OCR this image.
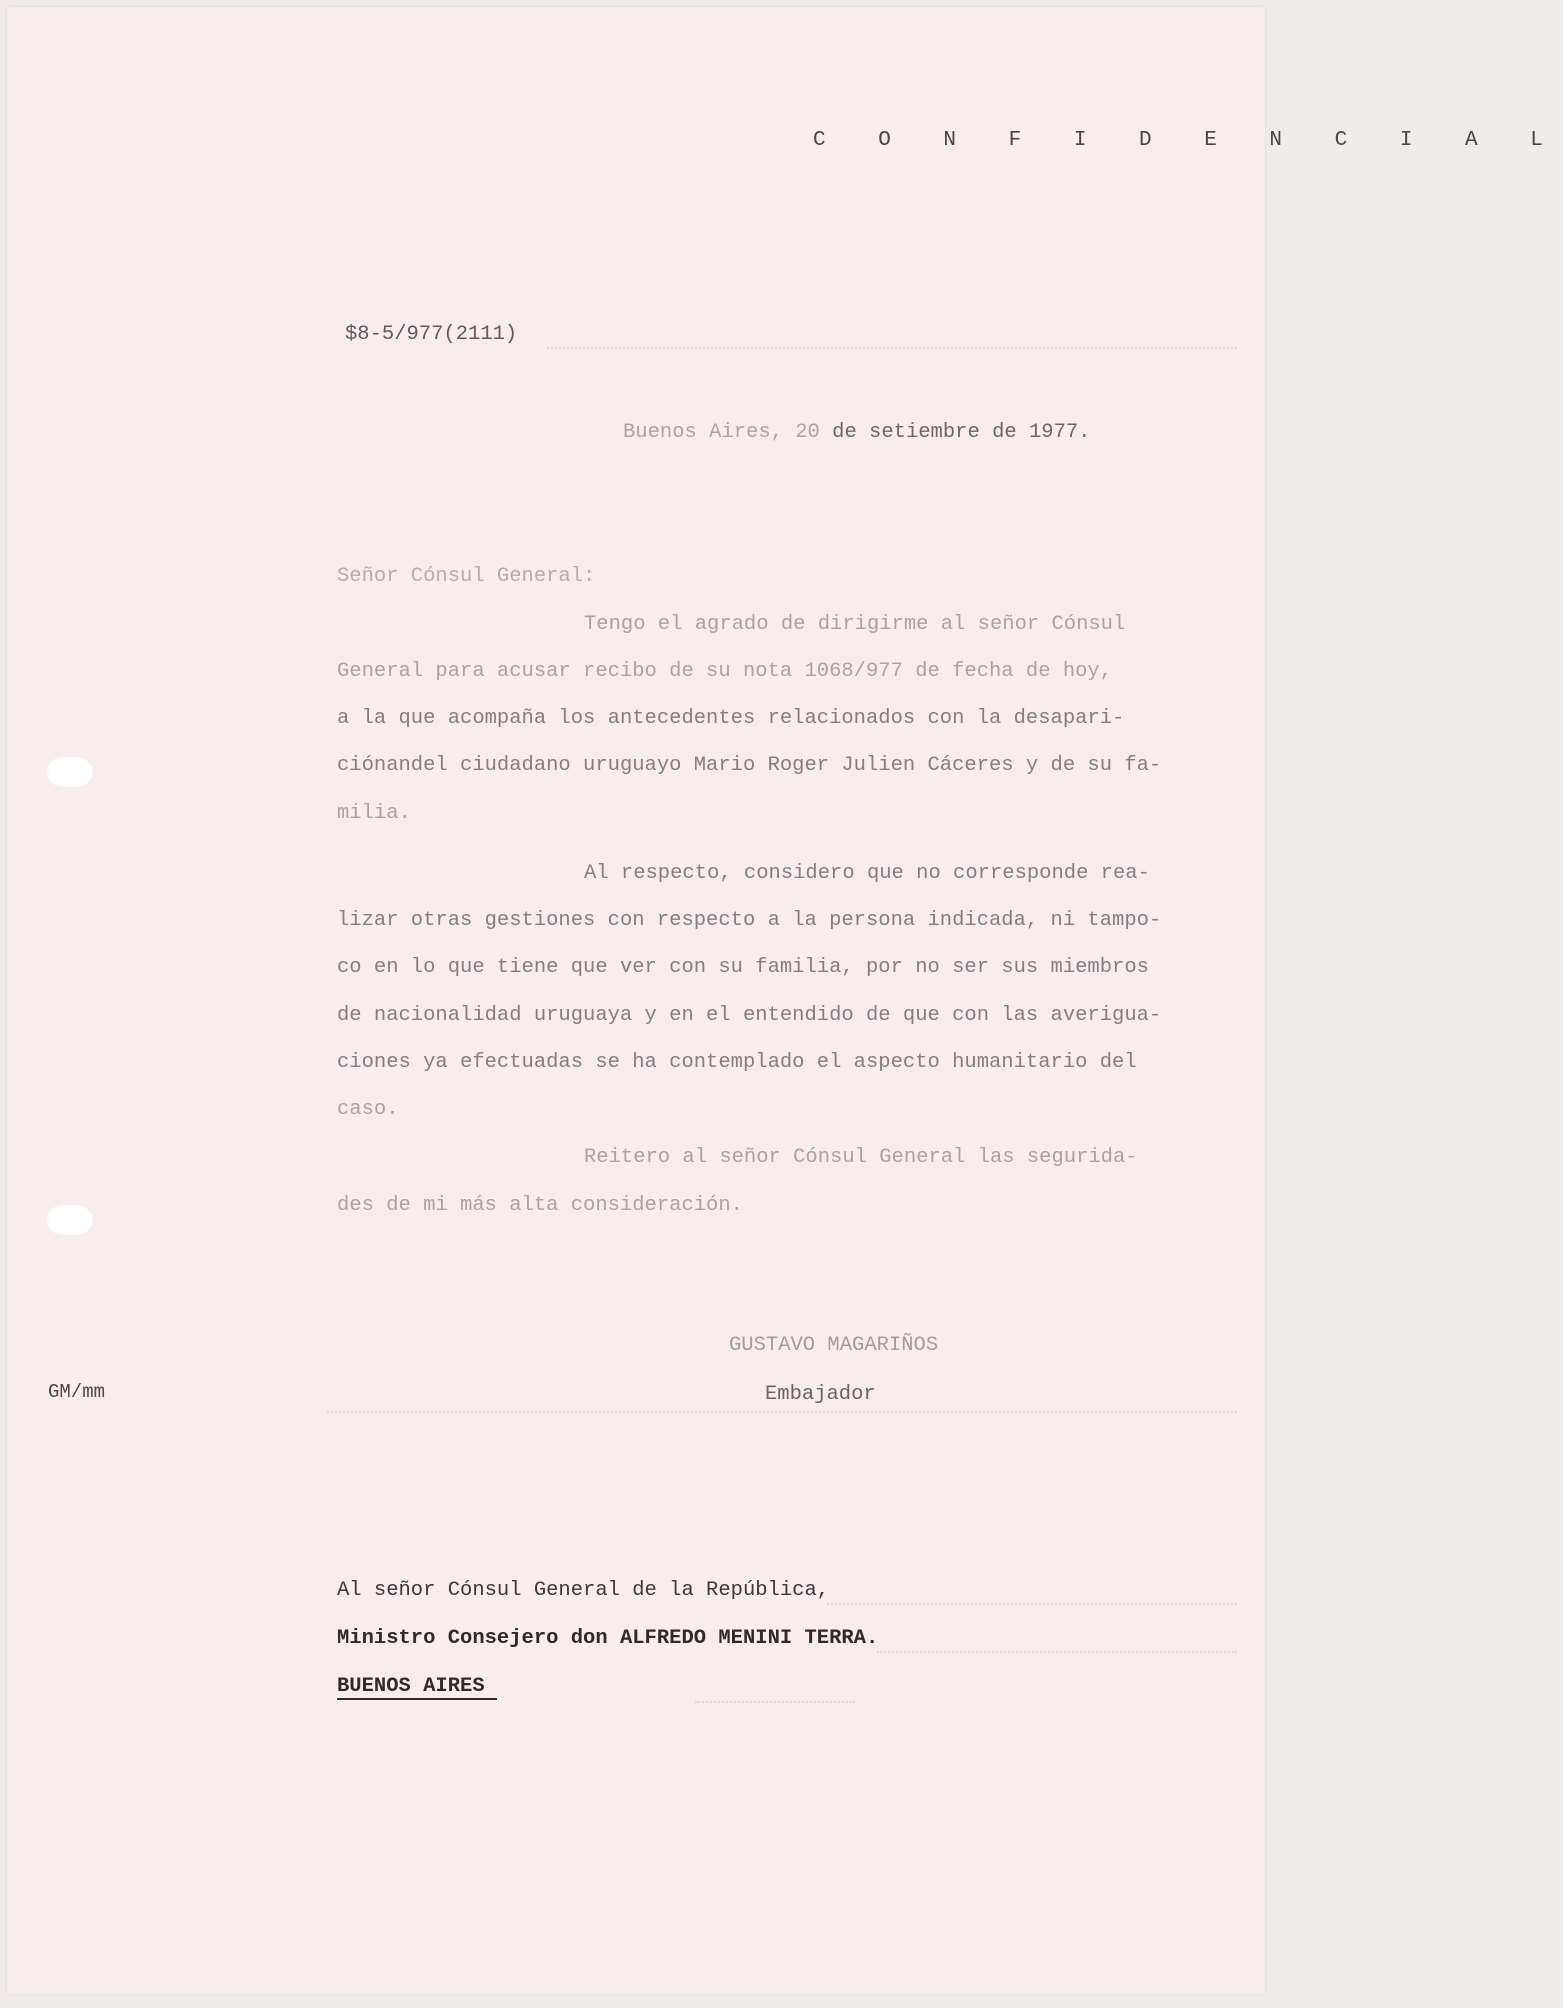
C O N F I D E N C I A L
$8-5/977(2111)
Buenos Aires, 20 de setiembre de 1977.
Señor Cónsul General:
Tengo el agrado de dirigirme al señor Cónsul
General para acusar recibo de su nota 1068/977 de fecha de hoy,
a la que acompaña los antecedentes relacionados con la desapari-
ciónandel ciudadano uruguayo Mario Roger Julien Cáceres y de su fa-
milia.
Al respecto, considero que no corresponde rea-
lizar otras gestiones con respecto a la persona indicada, ni tampo-
co en lo que tiene que ver con su familia, por no ser sus miembros
de nacionalidad uruguaya y en el entendido de que con las averigua-
ciones ya efectuadas se ha contemplado el aspecto humanitario del
caso.
Reitero al señor Cónsul General las segurida-
des de mi más alta consideración.
GUSTAVO MAGARIÑOS
Embajador
GM/mm
Al señor Cónsul General de la República,
Ministro Consejero don ALFREDO MENINI TERRA.
BUENOS AIRES
